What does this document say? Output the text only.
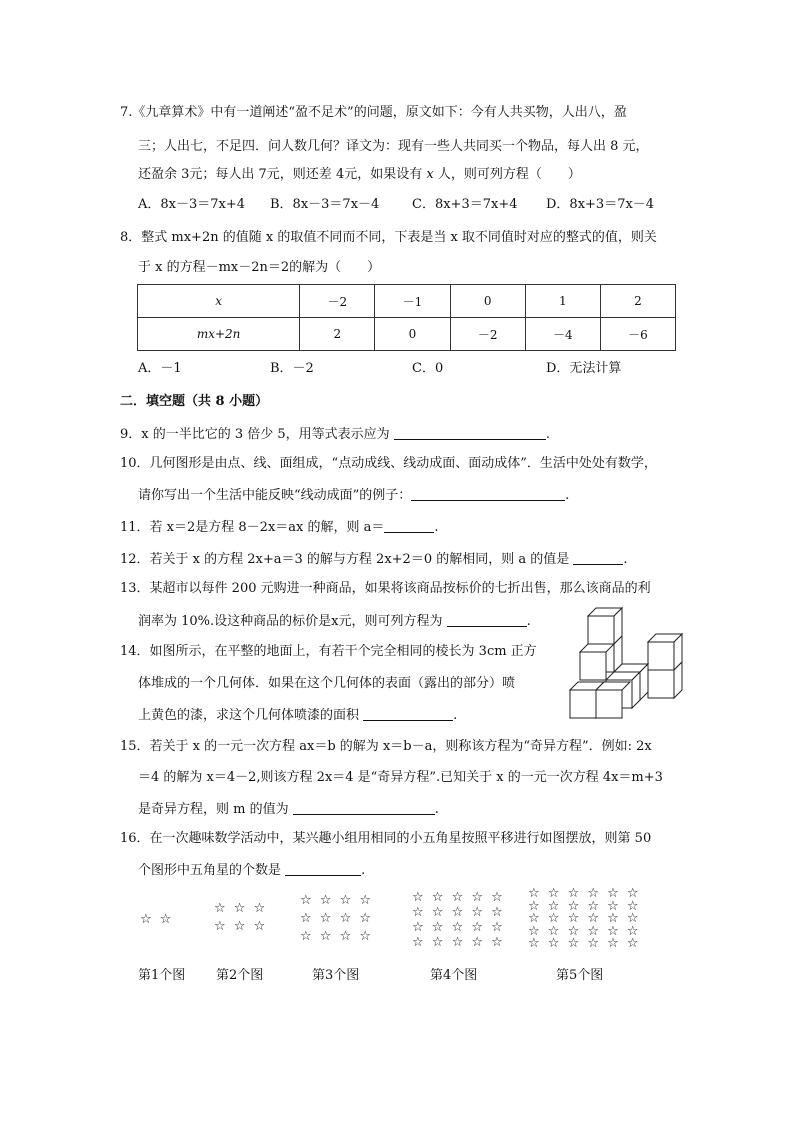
7.《九章算术》中有一道阐述“盈不足术”的问题，原文如下：今有人共买物，人出八，盈
三；人出七，不足四．问人数几何？译文为：现有一些人共同买一个物品，每人出 8 元，
还盈余 3元；每人出 7元，则还差 4元，如果设有 x 人，则可列方程（　　）
A．8x－3＝7x+4 B．8x－3＝7x－4	C．8x+3＝7x+4 D．8x+3＝7x－4
8．整式 mx+2n 的值随 x 的取值不同而不同，下表是当 x 取不同值时对应的整式的值，则关
于 x 的方程－mx－2n＝2的解为（　　）
x	－2	－1	0	1	2
mx+2n	2	0	－2	－4	－6
A．－1	B．－2	C．0	D．无法计算
二．填空题（共 8 小题）
9．x 的一半比它的 3 倍少 5，用等式表示应为	.
10．几何图形是由点、线、面组成，“点动成线、线动成面、面动成体”．生活中处处有数学，
请你写出一个生活中能反映“线动成面”的例子：	.
11．若 x＝2是方程 8－2x＝ax 的解，则 a＝	.
12．若关于 x 的方程 2x+a＝3 的解与方程 2x+2＝0 的解相同，则 a 的值是	.
13．某超市以每件 200 元购进一种商品，如果将该商品按标价的七折出售，那么该商品的利
润率为 10%.设这种商品的标价是x元，则可列方程为	.
14．如图所示，在平整的地面上，有若干个完全相同的棱长为 3cm 正方
体堆成的一个几何体．如果在这个几何体的表面（露出的部分）喷
上黄色的漆，求这个几何体喷漆的面积	.
15．若关于 x 的一元一次方程 ax＝b 的解为 x＝b－a，则称该方程为“奇异方程”．例如: 2x
＝4 的解为 x＝4－2,则该方程 2x＝4 是“奇异方程”.已知关于 x 的一元一次方程 4x＝m+3
是奇异方程，则 m 的值为	.
16．在一次趣味数学活动中，某兴趣小组用相同的小五角星按照平移进行如图摆放，则第 50
个图形中五角星的个数是	.
☆ ☆
☆ ☆ ☆
☆ ☆ ☆
☆ ☆ ☆ ☆
☆ ☆ ☆ ☆
☆ ☆ ☆ ☆
☆ ☆ ☆ ☆ ☆
☆ ☆ ☆ ☆ ☆
☆ ☆ ☆ ☆ ☆
☆ ☆ ☆ ☆ ☆
☆ ☆ ☆ ☆ ☆ ☆
☆ ☆ ☆ ☆ ☆ ☆
☆ ☆ ☆ ☆ ☆ ☆
☆ ☆ ☆ ☆ ☆ ☆
☆ ☆ ☆ ☆ ☆ ☆
第1个图 第2个图	第3个图	第4个图	第5个图
